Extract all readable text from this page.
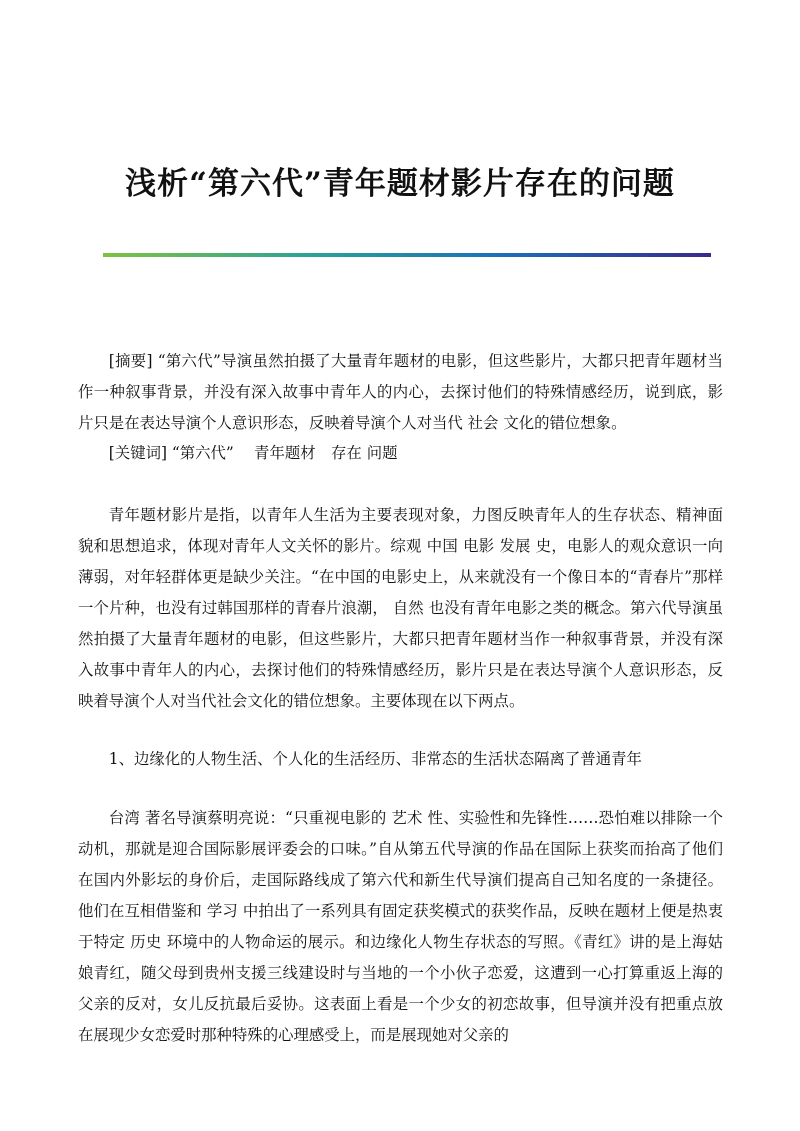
浅析“第六代”青年题材影片存在的问题

[摘要] “第六代”导演虽然拍摄了大量青年题材的电影，但这些影片，大都只把青年题材当作一种叙事背景，并没有深入故事中青年人的内心，去探讨他们的特殊情感经历，说到底，影片只是在表达导演个人意识形态，反映着导演个人对当代 社会 文化的错位想象。

[关键词] “第六代”　 青年题材　存在 问题

青年题材影片是指，以青年人生活为主要表现对象，力图反映青年人的生存状态、精神面貌和思想追求，体现对青年人文关怀的影片。综观 中国 电影 发展 史，电影人的观众意识一向薄弱，对年轻群体更是缺少关注。“在中国的电影史上，从来就没有一个像日本的“青春片”那样一个片种，也没有过韩国那样的青春片浪潮， 自然 也没有青年电影之类的概念。第六代导演虽然拍摄了大量青年题材的电影，但这些影片，大都只把青年题材当作一种叙事背景，并没有深入故事中青年人的内心，去探讨他们的特殊情感经历，影片只是在表达导演个人意识形态，反映着导演个人对当代社会文化的错位想象。主要体现在以下两点。

1、边缘化的人物生活、个人化的生活经历、非常态的生活状态隔离了普通青年

台湾 著名导演蔡明亮说：“只重视电影的 艺术 性、实验性和先锋性……恐怕难以排除一个动机，那就是迎合国际影展评委会的口味。”自从第五代导演的作品在国际上获奖而抬高了他们在国内外影坛的身价后，走国际路线成了第六代和新生代导演们提高自己知名度的一条捷径。他们在互相借鉴和 学习 中拍出了一系列具有固定获奖模式的获奖作品，反映在题材上便是热衷于特定 历史 环境中的人物命运的展示。和边缘化人物生存状态的写照。《青红》讲的是上海姑娘青红，随父母到贵州支援三线建设时与当地的一个小伙子恋爱，这遭到一心打算重返上海的父亲的反对，女儿反抗最后妥协。这表面上看是一个少女的初恋故事，但导演并没有把重点放在展现少女恋爱时那种特殊的心理感受上，而是展现她对父亲的
